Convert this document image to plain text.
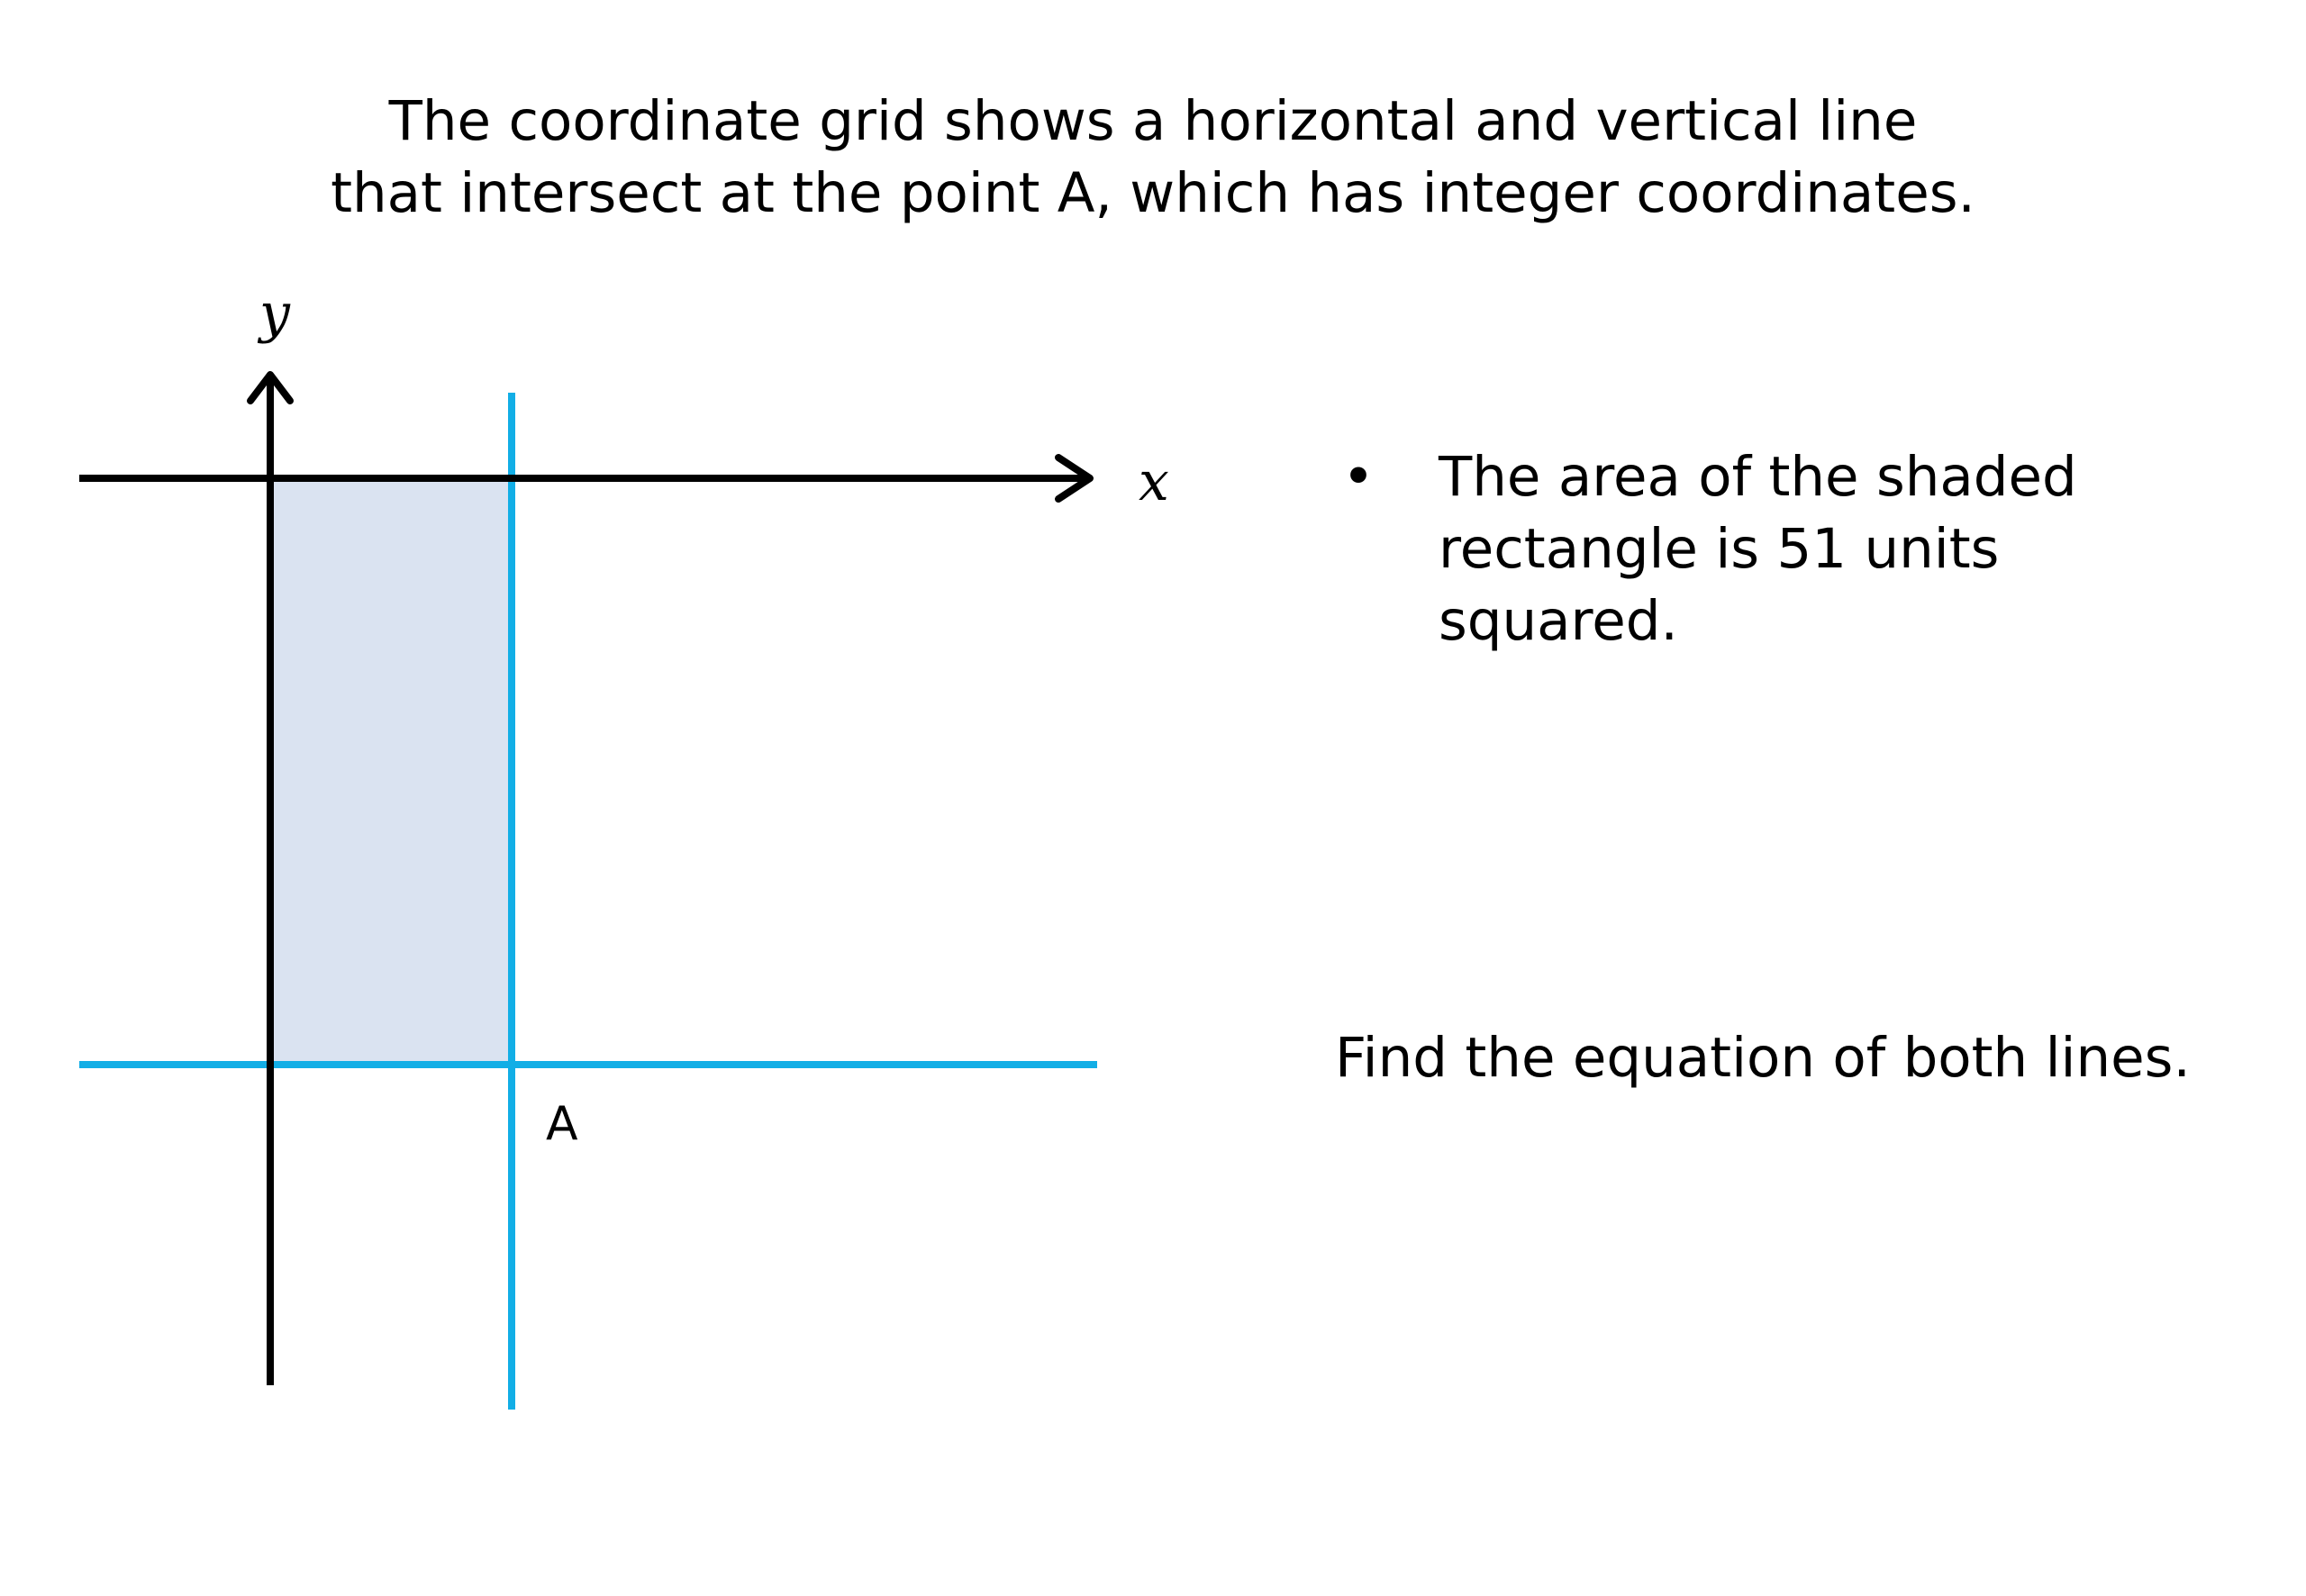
The coordinate grid shows a horizontal and vertical line
that intersect at the point A, which has integer coordinates.
y
x
A
•	The area of the shaded rectangle is 51 units squared.
Find the equation of both lines.
